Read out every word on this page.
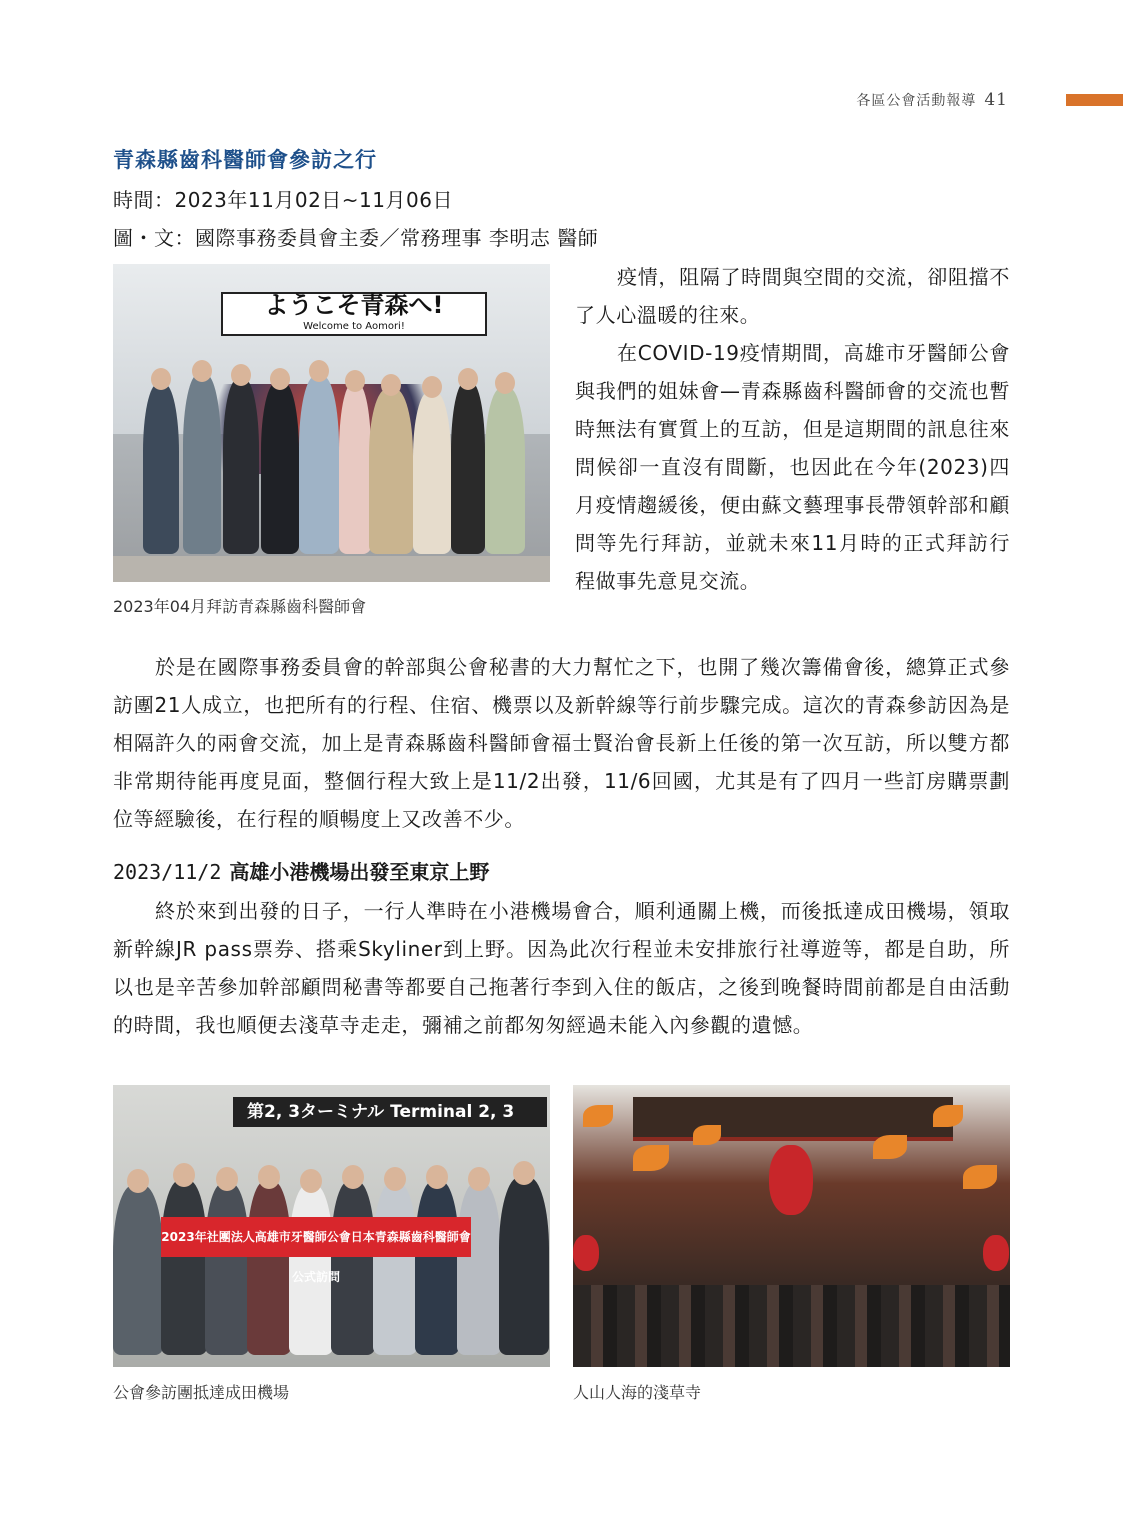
各區公會活動報導 41
青森縣齒科醫師會參訪之行
時間：2023年11月02日~11月06日
圖・文：國際事務委員會主委／常務理事 李明志 醫師
ようこそ青森へ!
Welcome to Aomori!
2023年04月拜訪青森縣齒科醫師會

疫情，阻隔了時間與空間的交流，卻阻擋不了人心溫暖的往來。

在COVID-19疫情期間，高雄市牙醫師公會與我們的姐妹會—青森縣齒科醫師會的交流也暫時無法有實質上的互訪，但是這期間的訊息往來問候卻一直沒有間斷，也因此在今年(2023)四月疫情趨緩後，便由蘇文藝理事長帶領幹部和顧問等先行拜訪，並就未來11月時的正式拜訪行程做事先意見交流。

於是在國際事務委員會的幹部與公會秘書的大力幫忙之下，也開了幾次籌備會後，總算正式參訪團21人成立，也把所有的行程、住宿、機票以及新幹線等行前步驟完成。這次的青森參訪因為是相隔許久的兩會交流，加上是青森縣齒科醫師會福士賢治會長新上任後的第一次互訪，所以雙方都非常期待能再度見面，整個行程大致上是11/2出發，11/6回國，尤其是有了四月一些訂房購票劃位等經驗後，在行程的順暢度上又改善不少。

2023/11/2 高雄小港機場出發至東京上野

終於來到出發的日子，一行人準時在小港機場會合，順利通關上機，而後抵達成田機場，領取新幹線JR pass票券、搭乘Skyliner到上野。因為此次行程並未安排旅行社導遊等，都是自助，所以也是辛苦參加幹部顧問秘書等都要自己拖著行李到入住的飯店，之後到晚餐時間前都是自由活動的時間，我也順便去淺草寺走走，彌補之前都匆匆經過未能入內參觀的遺憾。

第2, 3ターミナル Terminal 2, 3
2023年社團法人高雄市牙醫師公會日本青森縣齒科醫師會公式訪問
公會參訪團抵達成田機場	人山人海的淺草寺
